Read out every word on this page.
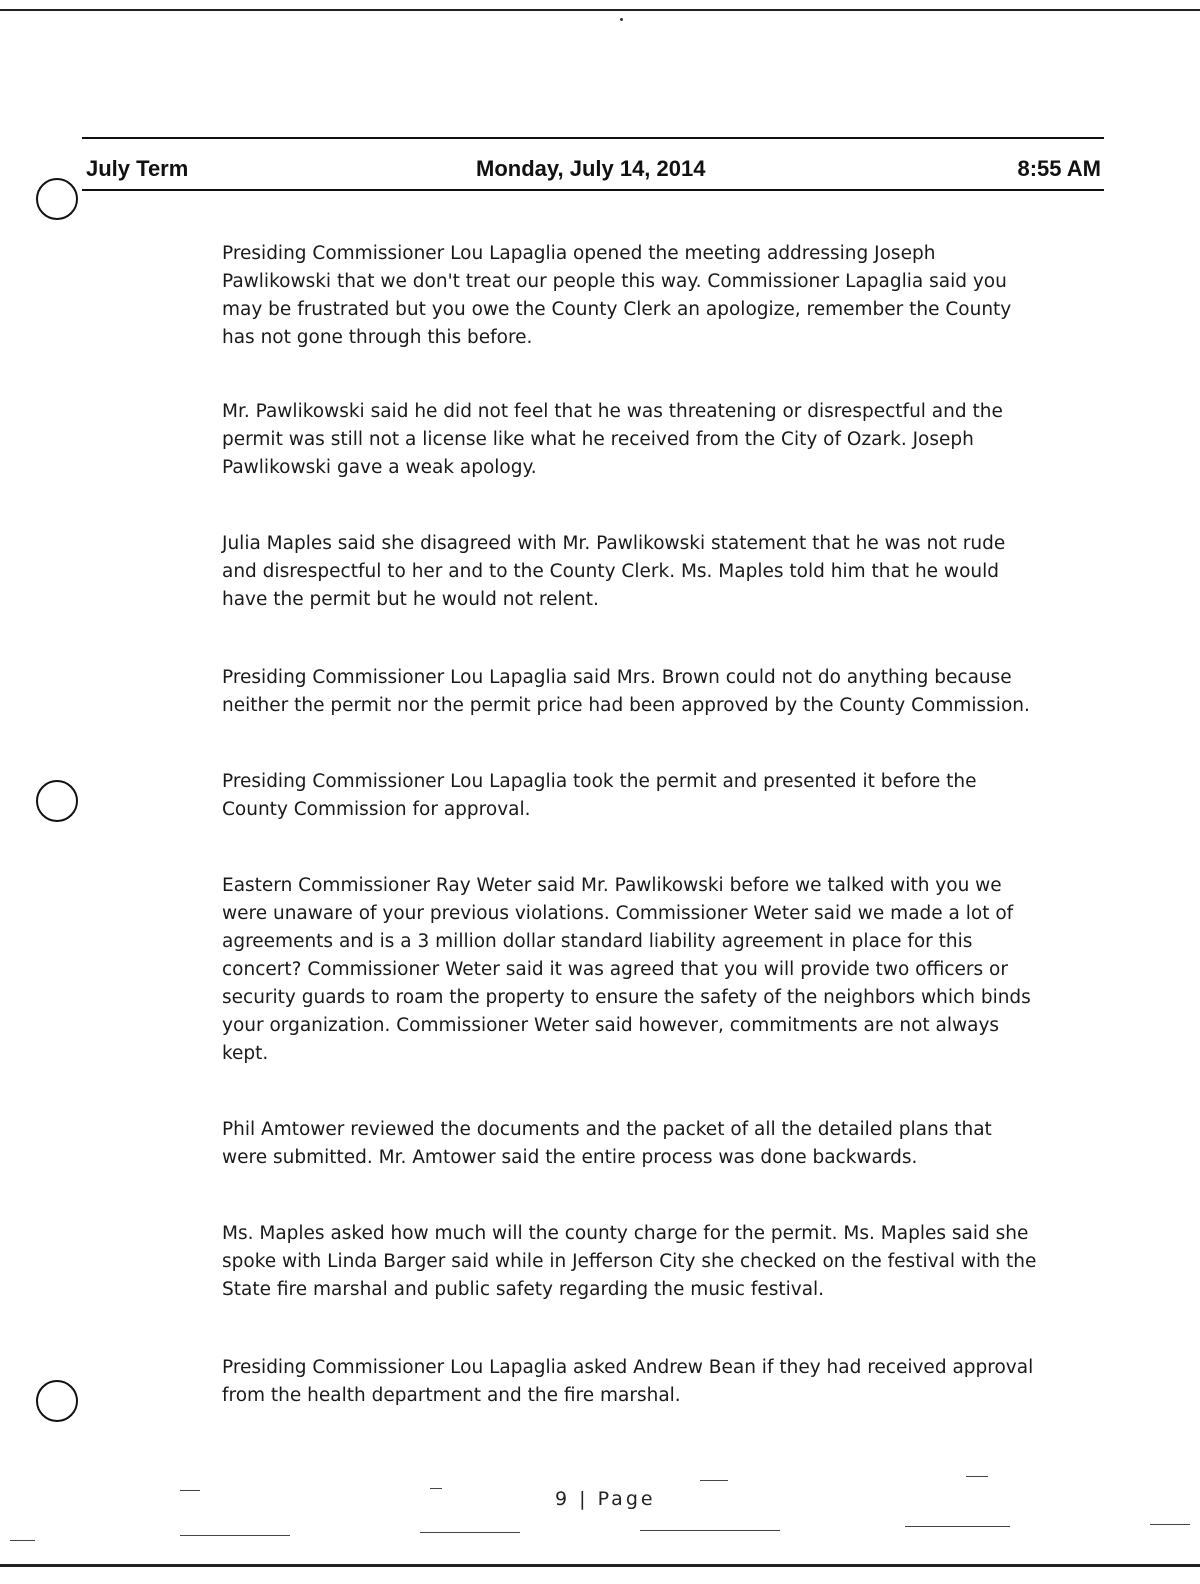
July Term	Monday, July 14, 2014	8:55 AM

Presiding Commissioner Lou Lapaglia opened the meeting addressing Joseph Pawlikowski that we don't treat our people this way. Commissioner Lapaglia said you may be frustrated but you owe the County Clerk an apologize, remember the County has not gone through this before.

Mr. Pawlikowski said he did not feel that he was threatening or disrespectful and the permit was still not a license like what he received from the City of Ozark. Joseph Pawlikowski gave a weak apology.

Julia Maples said she disagreed with Mr. Pawlikowski statement that he was not rude and disrespectful to her and to the County Clerk. Ms. Maples told him that he would have the permit but he would not relent.

Presiding Commissioner Lou Lapaglia said Mrs. Brown could not do anything because neither the permit nor the permit price had been approved by the County Commission.

Presiding Commissioner Lou Lapaglia took the permit and presented it before the County Commission for approval.

Eastern Commissioner Ray Weter said Mr. Pawlikowski before we talked with you we were unaware of your previous violations. Commissioner Weter said we made a lot of agreements and is a 3 million dollar standard liability agreement in place for this concert? Commissioner Weter said it was agreed that you will provide two officers or security guards to roam the property to ensure the safety of the neighbors which binds your organization. Commissioner Weter said however, commitments are not always kept.

Phil Amtower reviewed the documents and the packet of all the detailed plans that were submitted. Mr. Amtower said the entire process was done backwards.

Ms. Maples asked how much will the county charge for the permit. Ms. Maples said she spoke with Linda Barger said while in Jefferson City she checked on the festival with the State fire marshal and public safety regarding the music festival.

Presiding Commissioner Lou Lapaglia asked Andrew Bean if they had received approval from the health department and the fire marshal.

9 | Page
